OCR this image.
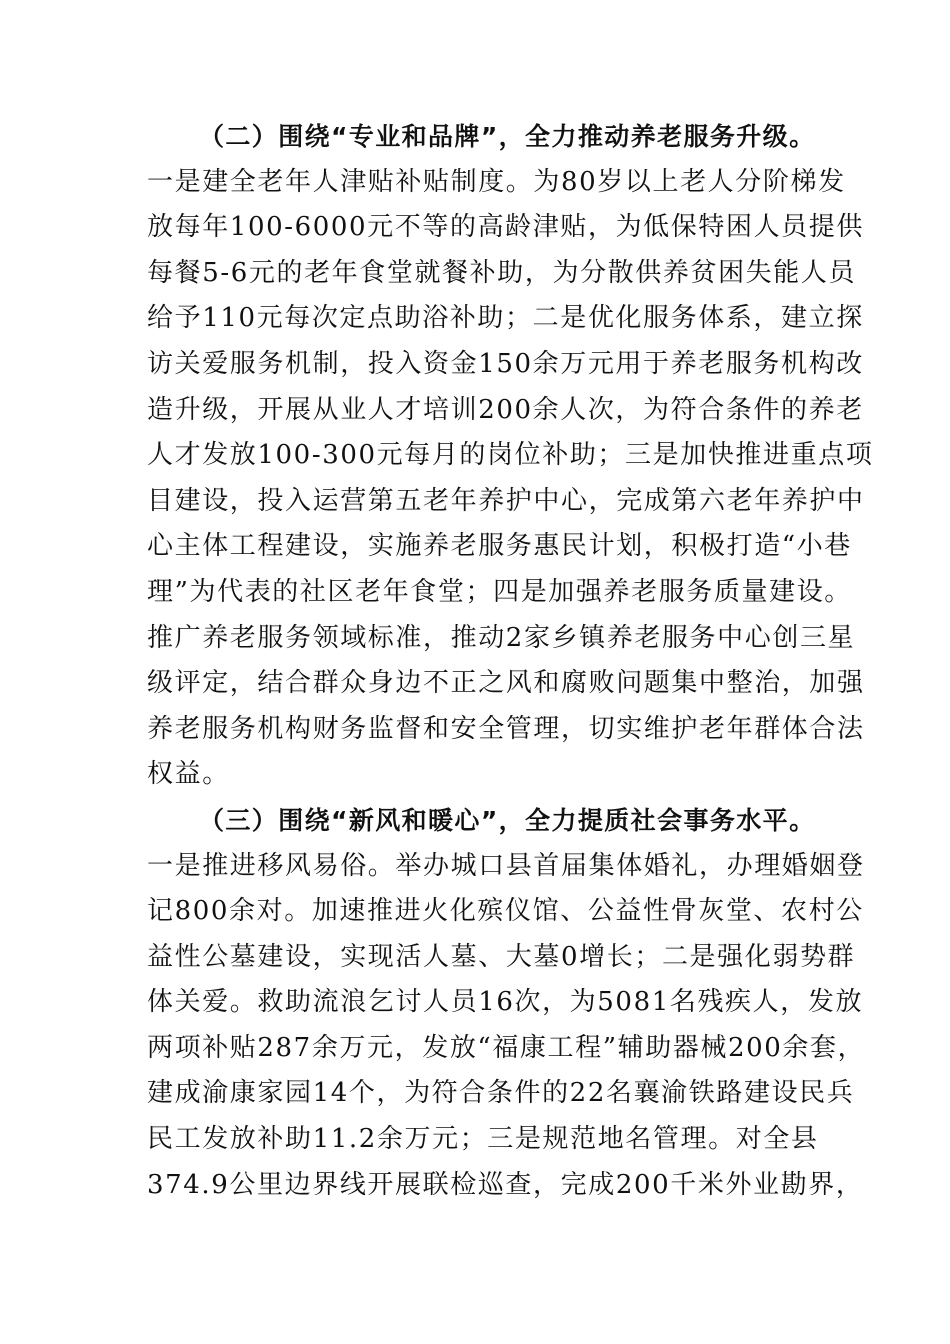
（二）围绕“专业和品牌”，全力推动养老服务升级。
一是建全老年人津贴补贴制度。为80岁以上老人分阶梯发
放每年100-6000元不等的高龄津贴，为低保特困人员提供
每餐5-6元的老年食堂就餐补助，为分散供养贫困失能人员
给予110元每次定点助浴补助；二是优化服务体系，建立探
访关爱服务机制，投入资金150余万元用于养老服务机构改
造升级，开展从业人才培训200余人次，为符合条件的养老
人才发放100-300元每月的岗位补助；三是加快推进重点项
目建设，投入运营第五老年养护中心，完成第六老年养护中
心主体工程建设，实施养老服务惠民计划，积极打造“小巷
理”为代表的社区老年食堂；四是加强养老服务质量建设。
推广养老服务领域标准，推动2家乡镇养老服务中心创三星
级评定，结合群众身边不正之风和腐败问题集中整治，加强
养老服务机构财务监督和安全管理，切实维护老年群体合法
权益。
（三）围绕“新风和暖心”，全力提质社会事务水平。
一是推进移风易俗。举办城口县首届集体婚礼，办理婚姻登
记800余对。加速推进火化殡仪馆、公益性骨灰堂、农村公
益性公墓建设，实现活人墓、大墓0增长；二是强化弱势群
体关爱。救助流浪乞讨人员16次，为5081名残疾人，发放
两项补贴287余万元，发放“福康工程”辅助器械200余套，
建成渝康家园14个，为符合条件的22名襄渝铁路建设民兵
民工发放补助11.2余万元；三是规范地名管理。对全县
374.9公里边界线开展联检巡查，完成200千米外业勘界，
